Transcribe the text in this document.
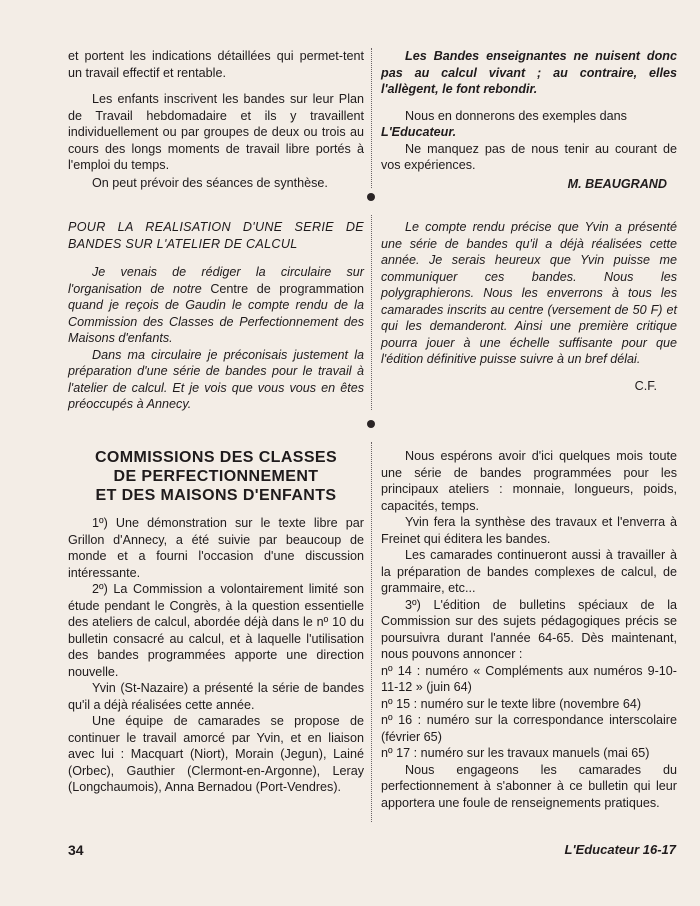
et portent les indications détaillées qui permet-tent un travail effectif et rentable.

Les enfants inscrivent les bandes sur leur Plan de Travail hebdomadaire et ils y travaillent individuellement ou par groupes de deux ou trois au cours des longs moments de travail libre portés à l'emploi du temps.

On peut prévoir des séances de synthèse.

Les Bandes enseignantes ne nuisent donc pas au calcul vivant ; au contraire, elles l'allègent, le font rebondir.

Nous en donnerons des exemples dans

L'Educateur.

Ne manquez pas de nous tenir au courant de vos expériences.

M. BEAUGRAND

POUR LA REALISATION D'UNE SERIE DE BANDES SUR L'ATELIER DE CALCUL

Je venais de rédiger la circulaire sur l'organisation de notre Centre de programmation quand je reçois de Gaudin le compte rendu de la Commission des Classes de Perfectionnement des Maisons d'enfants.

Dans ma circulaire je préconisais justement la préparation d'une série de bandes pour le travail à l'atelier de calcul. Et je vois que vous vous en êtes préoccupés à Annecy.

Le compte rendu précise que Yvin a présenté une série de bandes qu'il a déjà réalisées cette année. Je serais heureux que Yvin puisse me communiquer ces bandes. Nous les polygraphierons. Nous les enverrons à tous les camarades inscrits au centre (versement de 50 F) et qui les demanderont. Ainsi une première critique pourra jouer à une échelle suffisante pour que l'édition définitive puisse suivre à un bref délai.

C.F.

COMMISSIONS DES CLASSES
DE PERFECTIONNEMENT
ET DES MAISONS D'ENFANTS

1º) Une démonstration sur le texte libre par Grillon d'Annecy, a été suivie par beaucoup de monde et a fourni l'occasion d'une discussion intéressante.

2º) La Commission a volontairement limité son étude pendant le Congrès, à la question essentielle des ateliers de calcul, abordée déjà dans le nº 10 du bulletin consacré au calcul, et à laquelle l'utilisation des bandes programmées apporte une direction nouvelle.

Yvin (St-Nazaire) a présenté la série de bandes qu'il a déjà réalisées cette année.

Une équipe de camarades se propose de continuer le travail amorcé par Yvin, et en liaison avec lui : Macquart (Niort), Morain (Jegun), Lainé (Orbec), Gauthier (Clermont-en-Argonne), Leray (Longchaumois), Anna Bernadou (Port-Vendres).

Nous espérons avoir d'ici quelques mois toute une série de bandes programmées pour les principaux ateliers : monnaie, longueurs, poids, capacités, temps.

Yvin fera la synthèse des travaux et l'enverra à Freinet qui éditera les bandes.

Les camarades continueront aussi à travailler à la préparation de bandes complexes de calcul, de grammaire, etc...

3º) L'édition de bulletins spéciaux de la Commission sur des sujets pédagogiques précis se poursuivra durant l'année 64-65. Dès maintenant, nous pouvons annoncer :

nº 14 : numéro « Compléments aux numéros 9-10-11-12 » (juin 64)

nº 15 : numéro sur le texte libre (novembre 64)

nº 16 : numéro sur la correspondance interscolaire (février 65)

nº 17 : numéro sur les travaux manuels (mai 65)

Nous engageons les camarades du perfectionnement à s'abonner à ce bulletin qui leur apportera une foule de renseignements pratiques.

34	L'Educateur 16-17
